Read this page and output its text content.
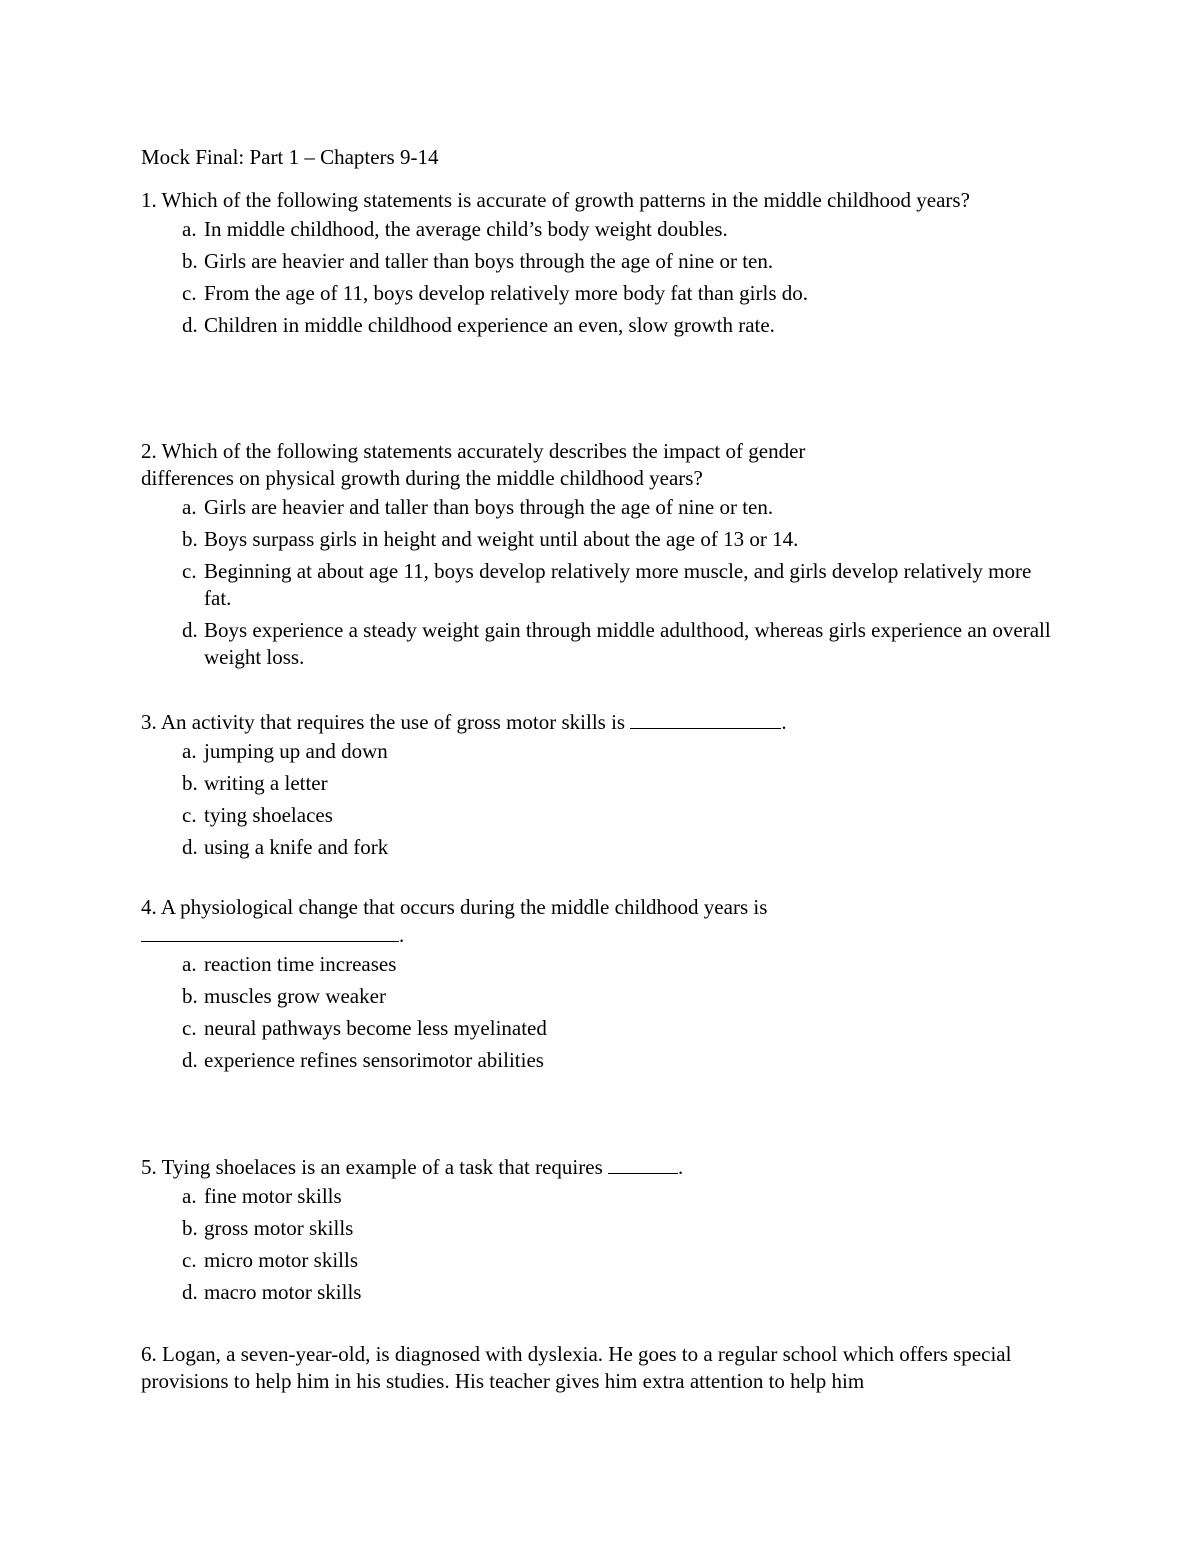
Mock Final: Part 1 – Chapters 9-14
1. Which of the following statements is accurate of growth patterns in the middle childhood years?
a. In middle childhood, the average child’s body weight doubles.
b. Girls are heavier and taller than boys through the age of nine or ten.
c. From the age of 11, boys develop relatively more body fat than girls do.
d. Children in middle childhood experience an even, slow growth rate.
2. Which of the following statements accurately describes the impact of gender
differences on physical growth during the middle childhood years?
a. Girls are heavier and taller than boys through the age of nine or ten.
b. Boys surpass girls in height and weight until about the age of 13 or 14.
c. Beginning at about age 11, boys develop relatively more muscle, and girls develop relatively more fat.
d. Boys experience a steady weight gain through middle adulthood, whereas girls experience an overall weight loss.
3. An activity that requires the use of gross motor skills is	.
a. jumping up and down
b. writing a letter
c. tying shoelaces
d. using a knife and fork
4. A physiological change that occurs during the middle childhood years is
.
a. reaction time increases
b. muscles grow weaker
c. neural pathways become less myelinated
d. experience refines sensorimotor abilities
5. Tying shoelaces is an example of a task that requires	.
a. fine motor skills
b. gross motor skills
c. micro motor skills
d. macro motor skills
6. Logan, a seven-year-old, is diagnosed with dyslexia. He goes to a regular school which offers special provisions to help him in his studies. His teacher gives him extra attention to help him
